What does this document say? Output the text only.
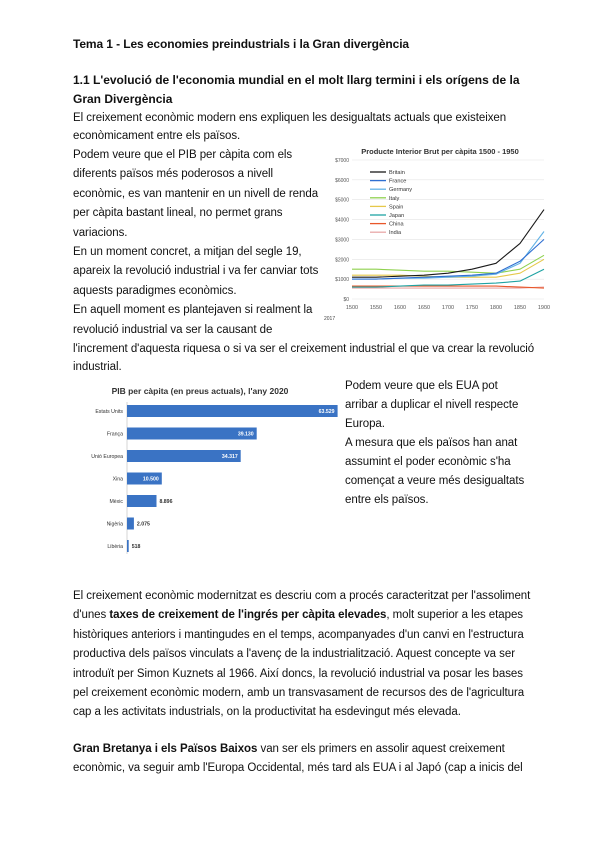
Tema 1 - Les economies preindustrials i la Gran divergència
1.1 L'evolució de l'economia mundial en el molt llarg termini i els orígens de la Gran Divergència
El creixement econòmic modern ens expliquen les desigualtats actuals que existeixen
econòmicament entre els països.
Podem veure que el PIB per càpita com els
diferents països més poderosos a nivell
econòmic, es van mantenir en un nivell de renda
per càpita bastant lineal, no permet grans
variacions.
En un moment concret, a mitjan del segle 19,
apareix la revolució industrial i va fer canviar tots
aquests paradigmes econòmics.
En aquell moment es plantejaven si realment la
revolució industrial va ser la causant de
l'increment d'aquesta riquesa o si va ser el creixement industrial el que va crear la revolució
industrial.
Producte Interior Brut per càpita 1500 - 1950
$0
$1000
$2000
$3000
$4000
$5000
$6000
$7000
1500 1550 1600 1650 1700 1750 1800 1850 1900
Britain
France
Germany
Italy
Spain
Japan
China
India
2017
PIB per càpita (en preus actuals), l'any 2020
Estats Units	63.529
França	39.130
Unió Europea	34.317
Xina	10.500
Mèxic	8.896
Nigèria	2.075
Libèria 518
Podem veure que els EUA pot
arribar a duplicar el nivell respecte
Europa.
A mesura que els països han anat
assumint el poder econòmic s'ha
començat a veure més desigualtats
entre els països.
El creixement econòmic modernitzat es descriu com a procés caracteritzat per l'assoliment
d'unes taxes de creixement de l'ingrés per càpita elevades, molt superior a les etapes
històriques anteriors i mantingudes en el temps, acompanyades d'un canvi en l'estructura
productiva dels països vinculats a l'avenç de la industrialització. Aquest concepte va ser
introduït per Simon Kuznets al 1966. Així doncs, la revolució industrial va posar les bases
pel creixement econòmic modern, amb un transvasament de recursos des de l'agricultura
cap a les activitats industrials, on la productivitat ha esdevingut més elevada.
Gran Bretanya i els Països Baixos van ser els primers en assolir aquest creixement
econòmic, va seguir amb l'Europa Occidental, més tard als EUA i al Japó (cap a inicis del
